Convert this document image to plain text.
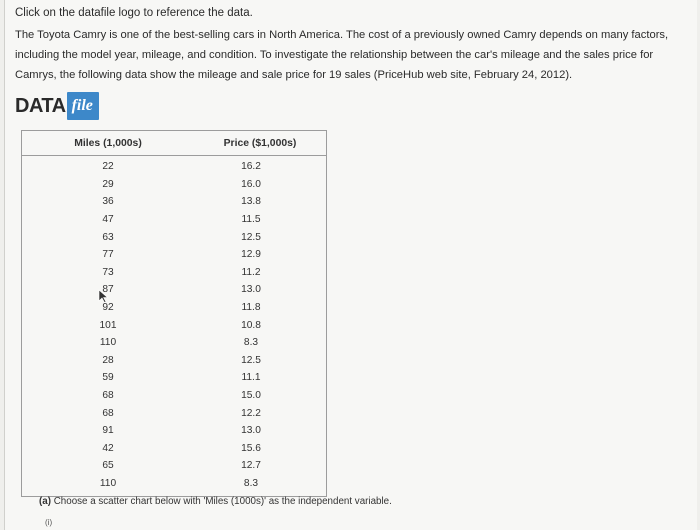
Click on the datafile logo to reference the data.
The Toyota Camry is one of the best-selling cars in North America. The cost of a previously owned Camry depends on many factors, including the model year, mileage, and condition. To investigate the relationship between the car's mileage and the sales price for Camrys, the following data show the mileage and sale price for 19 sales (PriceHub web site, February 24, 2012).
DATA file
Miles (1,000s)	Price ($1,000s)
22	16.2
29	16.0
36	13.8
47	11.5
63	12.5
77	12.9
73	11.2
87	13.0
92	11.8
101	10.8
110	8.3
28	12.5
59	11.1
68	15.0
68	12.2
91	13.0
42	15.6
65	12.7
110	8.3
(a) Choose a scatter chart below with 'Miles (1000s)' as the independent variable.
(i)
